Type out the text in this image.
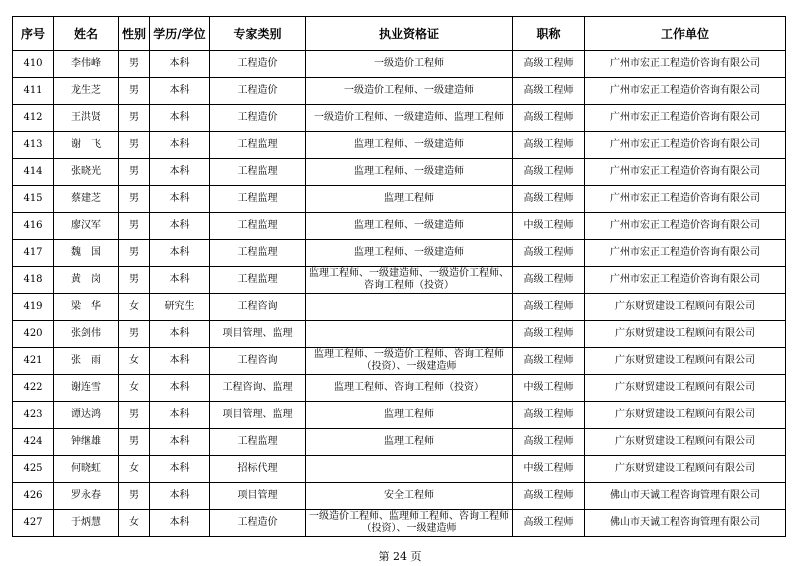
序号	姓名	性别	学历/学位	专家类别	执业资格证	职称	工作单位
410	李伟峰	男	本科	工程造价	一级造价工程师	高级工程师	广州市宏正工程造价咨询有限公司
411	龙生芝	男	本科	工程造价	一级造价工程师、一级建造师	高级工程师	广州市宏正工程造价咨询有限公司
412	王洪贤	男	本科	工程造价	一级造价工程师、一级建造师、监理工程师	高级工程师	广州市宏正工程造价咨询有限公司
413	谢　飞	男	本科	工程监理	监理工程师、一级建造师	高级工程师	广州市宏正工程造价咨询有限公司
414	张晓光	男	本科	工程监理	监理工程师、一级建造师	高级工程师	广州市宏正工程造价咨询有限公司
415	蔡建芝	男	本科	工程监理	监理工程师	高级工程师	广州市宏正工程造价咨询有限公司
416	廖汉军	男	本科	工程监理	监理工程师、一级建造师	中级工程师	广州市宏正工程造价咨询有限公司
417	魏　国	男	本科	工程监理	监理工程师、一级建造师	高级工程师	广州市宏正工程造价咨询有限公司
418	黄　岗	男	本科	工程监理	监理工程师、一级建造师、一级造价工程师、咨询工程师（投资）	高级工程师	广州市宏正工程造价咨询有限公司
419	梁　华	女	研究生	工程咨询		高级工程师	广东财贸建设工程顾问有限公司
420	张剑伟	男	本科	项目管理、监理		高级工程师	广东财贸建设工程顾问有限公司
421	张　雨	女	本科	工程咨询	监理工程师、一级造价工程师、咨询工程师（投资）、一级建造师	高级工程师	广东财贸建设工程顾问有限公司
422	谢连雪	女	本科	工程咨询、监理	监理工程师、咨询工程师（投资）	中级工程师	广东财贸建设工程顾问有限公司
423	谭达鸿	男	本科	项目管理、监理	监理工程师	高级工程师	广东财贸建设工程顾问有限公司
424	钟继雄	男	本科	工程监理	监理工程师	高级工程师	广东财贸建设工程顾问有限公司
425	何晓虹	女	本科	招标代理		中级工程师	广东财贸建设工程顾问有限公司
426	罗永春	男	本科	项目管理	安全工程师	高级工程师	佛山市天诚工程咨询管理有限公司
427	于炳慧	女	本科	工程造价	一级造价工程师、监理师工程师、咨询工程师（投资）、一级建造师	高级工程师	佛山市天诚工程咨询管理有限公司
第 24 页
